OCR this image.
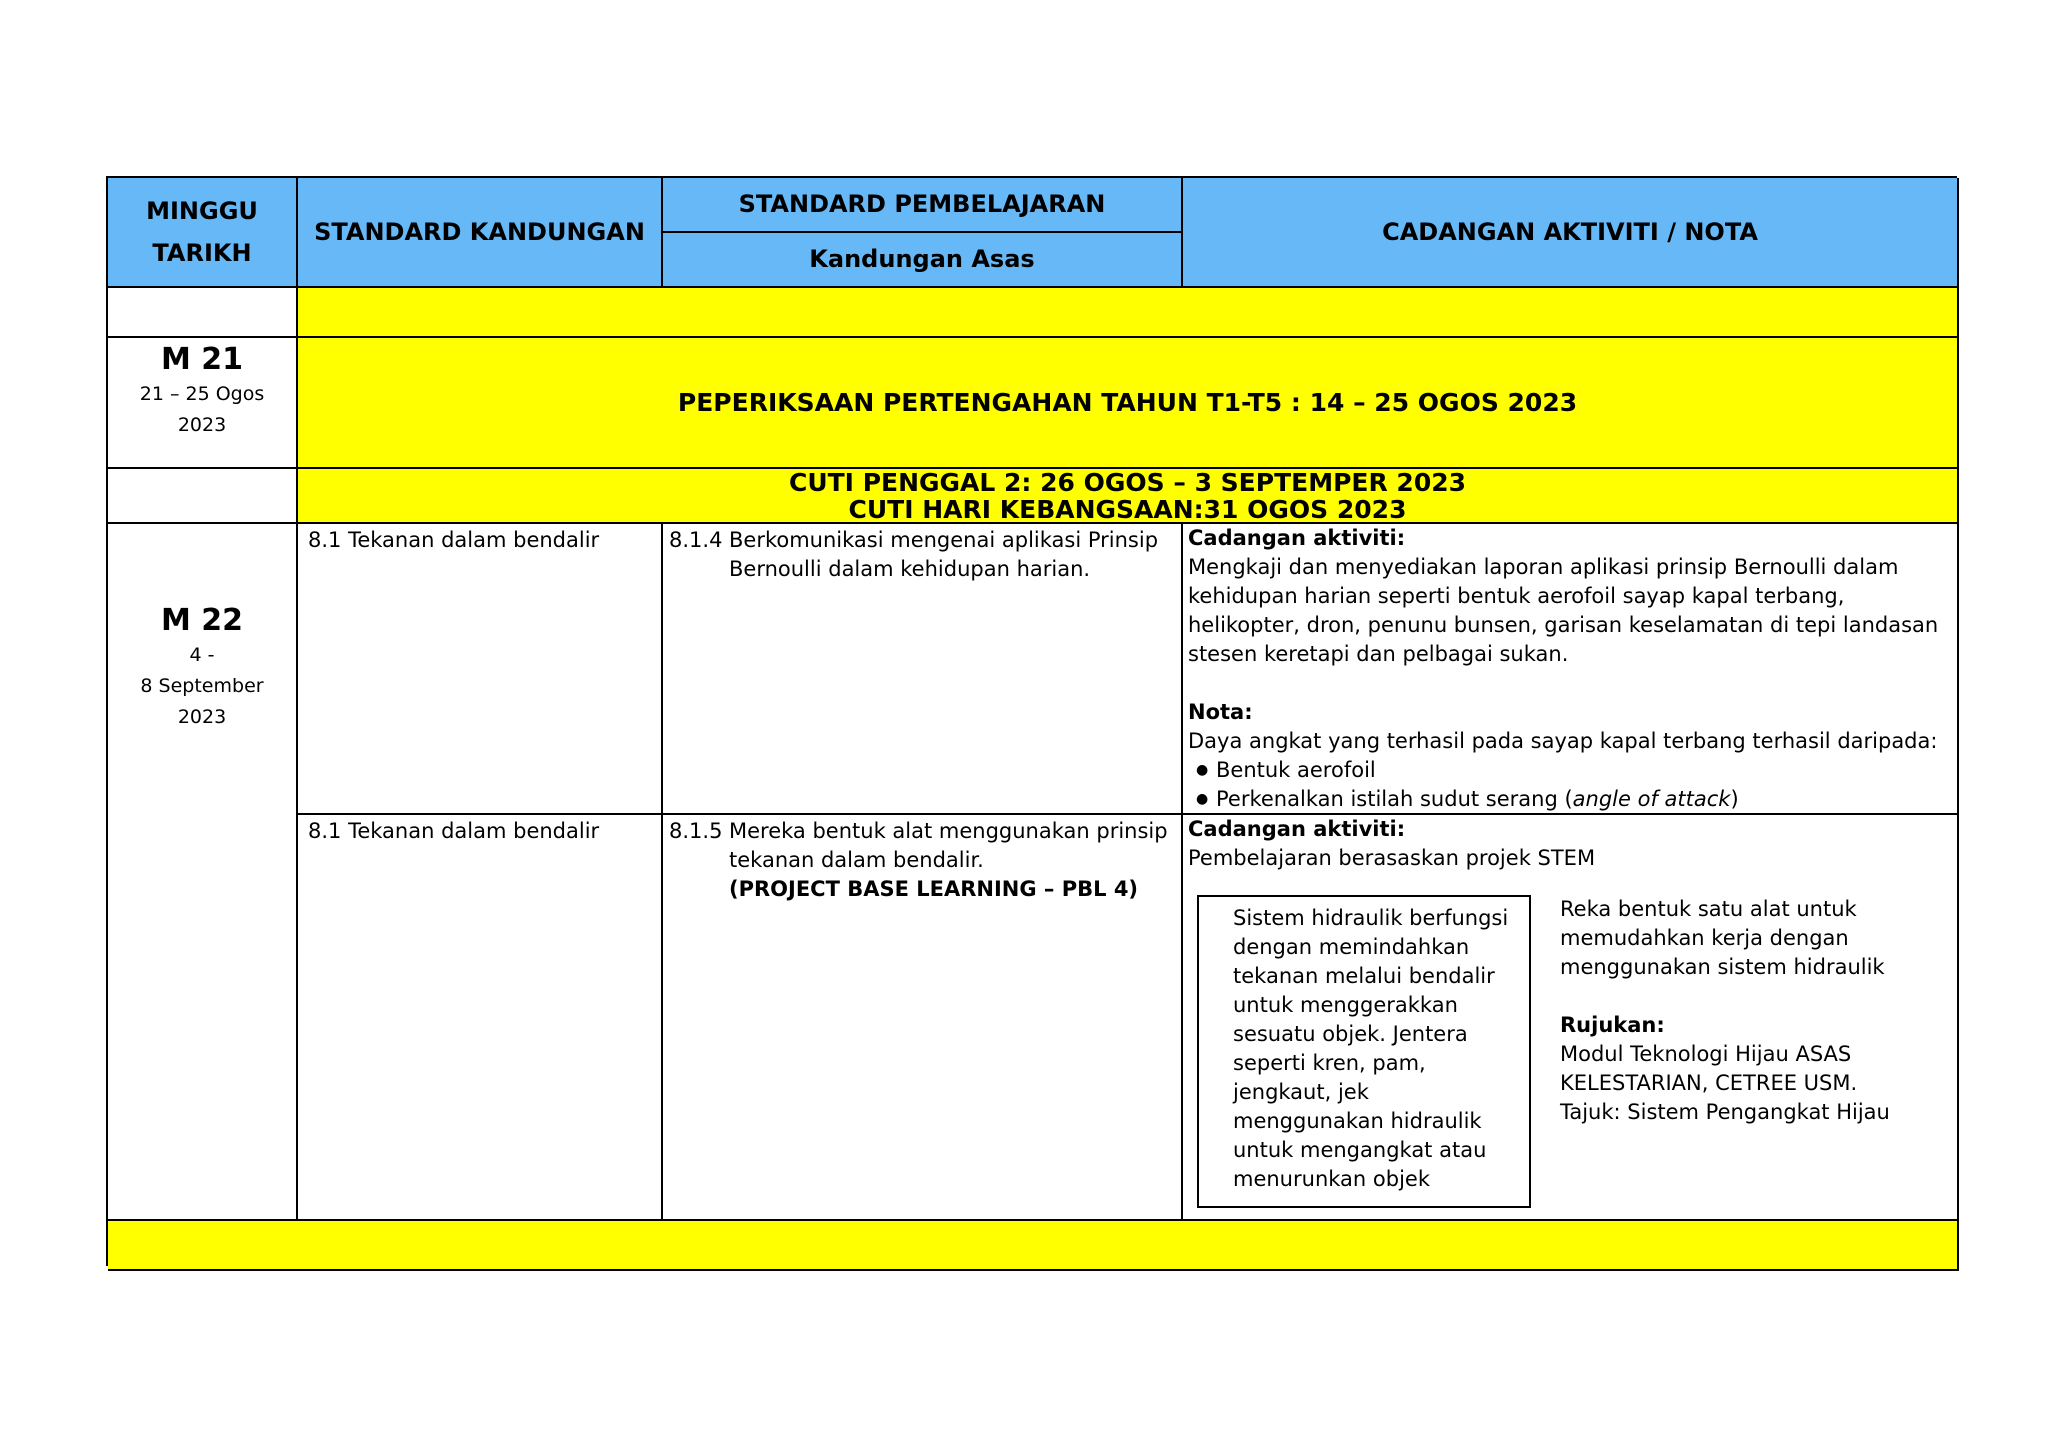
MINGGU
TARIKH
STANDARD KANDUNGAN
STANDARD PEMBELAJARAN
Kandungan Asas
CADANGAN AKTIVITI / NOTA
M 21
21 – 25 Ogos
2023
PEPERIKSAAN PERTENGAHAN TAHUN T1-T5 : 14 – 25 OGOS 2023
CUTI PENGGAL 2: 26 OGOS – 3 SEPTEMPER 2023
CUTI HARI KEBANGSAAN:31 OGOS 2023
M 22
4 -
8 September
2023
8.1 Tekanan dalam bendalir	8.1.4 Berkomunikasi mengenai aplikasi Prinsip Bernoulli dalam kehidupan harian.
Cadangan aktiviti:
Mengkaji dan menyediakan laporan aplikasi prinsip Bernoulli dalam kehidupan harian seperti bentuk aerofoil sayap kapal terbang, helikopter, dron, penunu bunsen, garisan keselamatan di tepi landasan stesen keretapi dan pelbagai sukan.
Nota:
Daya angkat yang terhasil pada sayap kapal terbang terhasil daripada:
● Bentuk aerofoil
● Perkenalkan istilah sudut serang (angle of attack)
8.1 Tekanan dalam bendalir	8.1.5 Mereka bentuk alat menggunakan prinsip tekanan dalam bendalir.
(PROJECT BASE LEARNING – PBL 4)
Cadangan aktiviti:
Pembelajaran berasaskan projek STEM
Sistem hidraulik berfungsi dengan memindahkan tekanan melalui bendalir untuk menggerakkan sesuatu objek. Jentera seperti kren, pam, jengkaut, jek menggunakan hidraulik untuk mengangkat atau menurunkan objek
Reka bentuk satu alat untuk memudahkan kerja dengan menggunakan sistem hidraulik
Rujukan:
Modul Teknologi Hijau ASAS KELESTARIAN, CETREE USM.
Tajuk: Sistem Pengangkat Hijau
